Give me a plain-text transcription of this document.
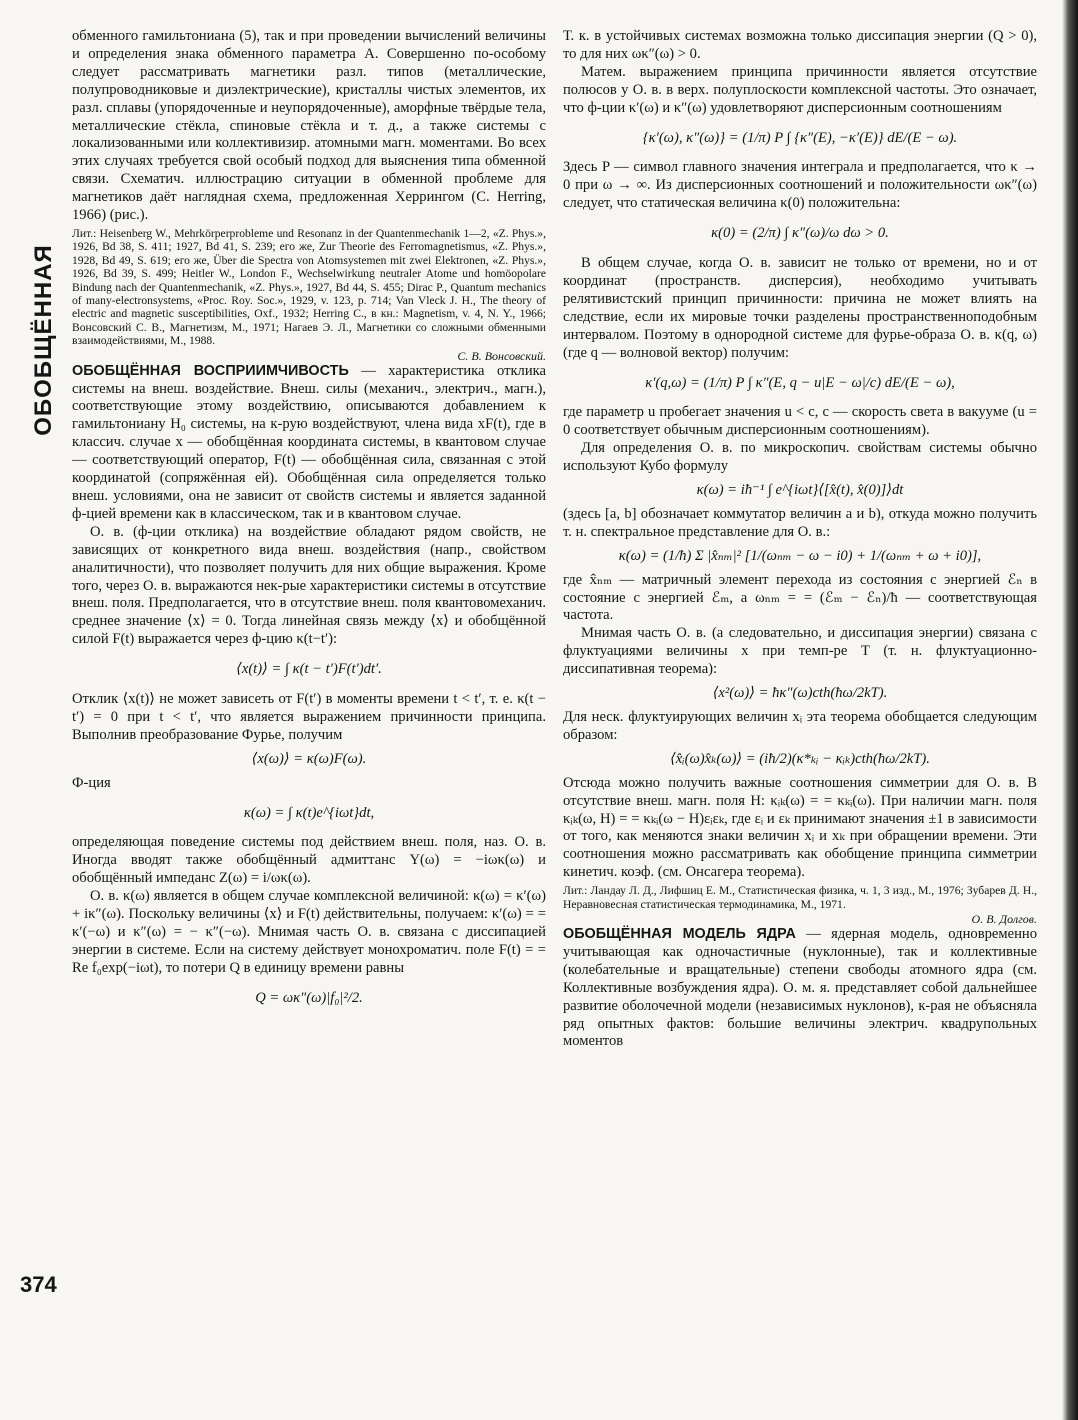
ОБОБЩЁННАЯ
374

обменного гамильтониана (5), так и при проведении вычислений величины и определения знака обменного параметра A. Совершенно по-особому следует рассматривать магнетики разл. типов (металлические, полупроводниковые и диэлектрические), кристаллы чистых элементов, их разл. сплавы (упорядоченные и неупорядоченные), аморфные твёрдые тела, металлические стёкла, спиновые стёкла и т. д., а также системы с локализованными или коллективизир. атомными магн. моментами. Во всех этих случаях требуется свой особый подход для выяснения типа обменной связи. Схематич. иллюстрацию ситуации в обменной проблеме для магнетиков даёт наглядная схема, предложенная Херрингом (C. Herring, 1966) (рис.).

Лит.: Heisenberg W., Mehrkörperprobleme und Resonanz in der Quantenmechanik 1—2, «Z. Phys.», 1926, Bd 38, S. 411; 1927, Bd 41, S. 239; его же, Zur Theorie des Ferromagnetismus, «Z. Phys.», 1928, Bd 49, S. 619; его же, Über die Spectra von Atomsystemen mit zwei Elektronen, «Z. Phys.», 1926, Bd 39, S. 499; Heitler W., London F., Wechselwirkung neutraler Atome und homöopolare Bindung nach der Quantenmechanik, «Z. Phys.», 1927, Bd 44, S. 455; Dirac P., Quantum mechanics of many-electronsystems, «Proc. Roy. Soc.», 1929, v. 123, p. 714; Van Vleck J. H., The theory of electric and magnetic susceptibilities, Oxf., 1932; Herring C., в кн.: Magnetism, v. 4, N. Y., 1966; Вонсовский С. В., Магнетизм, М., 1971; Нагаев Э. Л., Магнетики со сложными обменными взаимодействиями, М., 1988.

С. В. Вонсовский.

ОБОБЩЁННАЯ ВОСПРИИМЧИВОСТЬ — характеристика отклика системы на внеш. воздействие. Внеш. силы (механич., электрич., магн.), соответствующие этому воздействию, описываются добавлением к гамильтониану H₀ системы, на к-рую воздействуют, члена вида xF(t), где в классич. случае x — обобщённая координата системы, в квантовом случае — соответствующий оператор, F(t) — обобщённая сила, связанная с этой координатой (сопряжённая ей). Обобщённая сила определяется только внеш. условиями, она не зависит от свойств системы и является заданной ф-цией времени как в классическом, так и в квантовом случае.

О. в. (ф-ции отклика) на воздействие обладают рядом свойств, не зависящих от конкретного вида внеш. воздействия (напр., свойством аналитичности), что позволяет получить для них общие выражения. Кроме того, через О. в. выражаются нек-рые характеристики системы в отсутствие внеш. поля. Предполагается, что в отсутствие внеш. поля квантовомеханич. среднее значение ⟨x⟩ = 0. Тогда линейная связь между ⟨x⟩ и обобщённой силой F(t) выражается через ф-цию κ(t−t′):

⟨x(t)⟩ = ∫ κ(t − t′)F(t′)dt′.

Отклик ⟨x(t)⟩ не может зависеть от F(t′) в моменты времени t < t′, т. е. κ(t − t′) = 0 при t < t′, что является выражением причинности принципа. Выполнив преобразование Фурье, получим

⟨x(ω)⟩ = κ(ω)F(ω).

Ф-ция

κ(ω) = ∫ κ(t)e^{iωt}dt,

определяющая поведение системы под действием внеш. поля, наз. О. в. Иногда вводят также обобщённый адмиттанс Y(ω) = −iωκ(ω) и обобщённый импеданс Z(ω) = i/ωκ(ω).

О. в. κ(ω) является в общем случае комплексной величиной: κ(ω) = κ′(ω) + iκ″(ω). Поскольку величины ⟨x⟩ и F(t) действительны, получаем: κ′(ω) = = κ′(−ω) и κ″(ω) = − κ″(−ω). Мнимая часть О. в. связана с диссипацией энергии в системе. Если на систему действует монохроматич. поле F(t) = = Re f₀exp(−iωt), то потери Q в единицу времени равны

Q = ωκ″(ω)|f₀|²/2.

Т. к. в устойчивых системах возможна только диссипация энергии (Q > 0), то для них ωκ″(ω) > 0.

Матем. выражением принципа причинности является отсутствие полюсов у О. в. в верх. полуплоскости комплексной частоты. Это означает, что ф-ции κ′(ω) и κ″(ω) удовлетворяют дисперсионным соотношениям

{κ′(ω), κ″(ω)} = (1/π) P ∫ {κ″(E), −κ′(E)} dE/(E − ω).

Здесь P — символ главного значения интеграла и предполагается, что κ → 0 при ω → ∞. Из дисперсионных соотношений и положительности ωκ″(ω) следует, что статическая величина κ(0) положительна:

κ(0) = (2/π) ∫ κ″(ω)/ω dω > 0.

В общем случае, когда О. в. зависит не только от времени, но и от координат (пространств. дисперсия), необходимо учитывать релятивистский принцип причинности: причина не может влиять на следствие, если их мировые точки разделены пространственноподобным интервалом. Поэтому в однородной системе для фурье-образа О. в. κ(q, ω) (где q — волновой вектор) получим:

κ′(q,ω) = (1/π) P ∫ κ″(E, q − u|E − ω|/c) dE/(E − ω),

где параметр u пробегает значения u < c, c — скорость света в вакууме (u = 0 соответствует обычным дисперсионным соотношениям).

Для определения О. в. по микроскопич. свойствам системы обычно используют Кубо формулу

κ(ω) = iħ⁻¹ ∫ e^{iωt}⟨[x̂(t), x̂(0)]⟩dt

(здесь [a, b] обозначает коммутатор величин a и b), откуда можно получить т. н. спектральное представление для О. в.:

κ(ω) = (1/ħ) Σ |x̂ₙₘ|² [1/(ωₙₘ − ω − i0) + 1/(ωₙₘ + ω + i0)],

где x̂ₙₘ — матричный элемент перехода из состояния с энергией ℰₙ в состояние с энергией ℰₘ, а ωₙₘ = = (ℰₘ − ℰₙ)/ħ — соответствующая частота.

Мнимая часть О. в. (а следовательно, и диссипация энергии) связана с флуктуациями величины x при темп-ре T (т. н. флуктуационно-диссипативная теорема):

⟨x²(ω)⟩ = ħκ″(ω)cth(ħω/2kT).

Для неск. флуктуирующих величин xᵢ эта теорема обобщается следующим образом:

⟨x̂ᵢ(ω)x̂ₖ(ω)⟩ = (iħ/2)(κ*ₖᵢ − κᵢₖ)cth(ħω/2kT).

Отсюда можно получить важные соотношения симметрии для О. в. В отсутствие внеш. магн. поля H: κᵢₖ(ω) = = κₖᵢ(ω). При наличии магн. поля κᵢₖ(ω, H) = = κₖᵢ(ω − H)εᵢεₖ, где εᵢ и εₖ принимают значения ±1 в зависимости от того, как меняются знаки величин xᵢ и xₖ при обращении времени. Эти соотношения можно рассматривать как обобщение принципа симметрии кинетич. коэф. (см. Онсагера теорема).

Лит.: Ландау Л. Д., Лифшиц Е. М., Статистическая физика, ч. 1, 3 изд., М., 1976; Зубарев Д. Н., Неравновесная статистическая термодинамика, М., 1971.

О. В. Долгов.

ОБОБЩЁННАЯ МОДЕЛЬ ЯДРА — ядерная модель, одновременно учитывающая как одночастичные (нуклонные), так и коллективные (колебательные и вращательные) степени свободы атомного ядра (см. Коллективные возбуждения ядра). О. м. я. представляет собой дальнейшее развитие оболочечной модели (независимых нуклонов), к-рая не объясняла ряд опытных фактов: большие величины электрич. квадрупольных моментов
